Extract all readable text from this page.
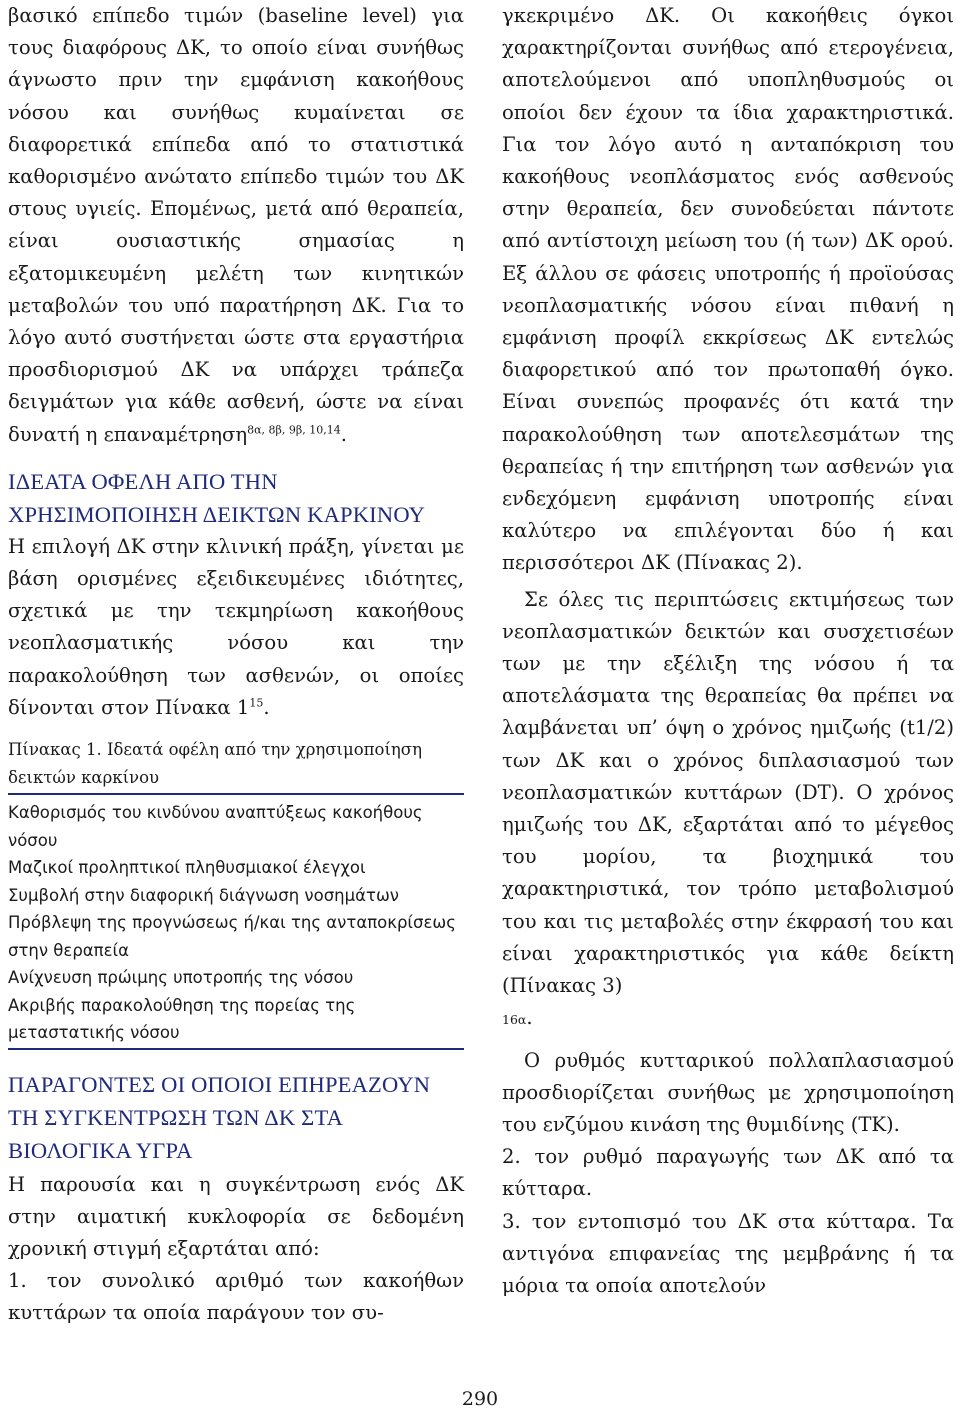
βασικό επίπεδο τιμών (baseline level) για τους διαφόρους ΔΚ, το οποίο είναι συνήθως άγνωστο πριν την εμφάνιση κακοήθους νόσου και συνήθως κυμαίνεται σε διαφορετικά επίπεδα από το στατιστικά καθορισμένο ανώτατο επίπεδο τιμών του ΔΚ στους υγιείς. Επομένως, μετά από θεραπεία, είναι ουσιαστικής σημασίας η εξατομικευμένη μελέτη των κινητικών μεταβολών του υπό παρατήρηση ΔΚ. Για το λόγο αυτό συστήνεται ώστε στα εργαστήρια προσδιορισμού ΔΚ να υπάρχει τράπεζα δειγμάτων για κάθε ασθενή, ώστε να είναι δυνατή η επαναμέτρηση$^{8\alpha, 8\beta, 9\beta, 10,14}$.

ΙΔΕΑΤΑ ΟΦΕΛΗ ΑΠΟ ΤΗΝ ΧΡΗΣΙΜΟΠΟΙΗΣΗ ΔΕΙΚΤΩΝ ΚΑΡΚΙΝΟΥ

Η επιλογή ΔΚ στην κλινική πράξη, γίνεται με βάση ορισμένες εξειδικευμένες ιδιότητες, σχετικά με την τεκμηρίωση κακοήθους νεοπλασματικής νόσου και την παρακολούθηση των ασθενών, οι οποίες δίνονται στον Πίνακα $1^{15}$.

Πίνακας 1. Ιδεατά οφέλη από την χρησιμοποίηση δεικτών καρκίνου

Καθορισμός του κινδύνου αναπτύξεως κακοήθους νόσου

Μαζικοί προληπτικοί πληθυσμιακοί έλεγχοι

Συμβολή στην διαφορική διάγνωση νοσημάτων

Πρόβλεψη της προγνώσεως ή/και της ανταποκρίσεως στην θεραπεία

Ανίχνευση πρώιμης υποτροπής της νόσου

Ακριβής παρακολούθηση της πορείας της μεταστατικής νόσου

ΠΑΡΑΓΟΝΤΕΣ ΟΙ ΟΠΟΙΟΙ ΕΠΗΡΕΑΖΟΥΝ ΤΗ ΣΥΓΚΕΝΤΡΩΣΗ ΤΩΝ ΔΚ ΣΤΑ ΒΙΟΛΟΓΙΚΑ ΥΓΡΑ

Η παρουσία και η συγκέντρωση ενός ΔΚ στην αιματική κυκλοφορία σε δεδομένη χρονική στιγμή εξαρτάται από:

1. τον συνολικό αριθμό των κακοήθων κυττάρων τα οποία παράγουν τον συ-

γκεκριμένο ΔΚ. Οι κακοήθεις όγκοι χαρακτηρίζονται συνήθως από ετερογένεια, αποτελούμενοι από υποπληθυσμούς οι οποίοι δεν έχουν τα ίδια χαρακτηριστικά. Για τον λόγο αυτό η ανταπόκριση του κακοήθους νεοπλάσματος ενός ασθενούς στην θεραπεία, δεν συνοδεύεται πάντοτε από αντίστοιχη μείωση του (ή των) ΔΚ ορού. Εξ άλλου σε φάσεις υποτροπής ή προϊούσας νεοπλασματικής νόσου είναι πιθανή η εμφάνιση προφίλ εκκρίσεως ΔΚ εντελώς διαφορετικού από τον πρωτοπαθή όγκο. Είναι συνεπώς προφανές ότι κατά την παρακολούθηση των αποτελεσμάτων της θεραπείας ή την επιτήρηση των ασθενών για ενδεχόμενη εμφάνιση υποτροπής είναι καλύτερο να επιλέγονται δύο ή και περισσότεροι ΔΚ (Πίνακας 2).

Σε όλες τις περιπτώσεις εκτιμήσεως των νεοπλασματικών δεικτών και συσχετισέων των με την εξέλιξη της νόσου ή τα αποτελάσματα της θεραπείας θα πρέπει να λαμβάνεται υπ’ όψη ο χρόνος ημιζωής (t1/2) των ΔΚ και ο χρόνος διπλασιασμού των νεοπλασματικών κυττάρων (DT). Ο χρόνος ημιζωής του ΔΚ, εξαρτάται από το μέγεθος του μορίου, τα βιοχημικά του χαρακτηριστικά, τον τρόπο μεταβολισμού του και τις μεταβολές στην έκφρασή του και είναι χαρακτηριστικός για κάθε δείκτη (Πίνακας 3)
16α.

Ο ρυθμός κυτταρικού πολλαπλασιασμού προσδιορίζεται συνήθως με χρησιμοποίηση του ενζύμου κινάση της θυμιδίνης (ΤΚ).

2. τον ρυθμό παραγωγής των ΔΚ από τα κύτταρα.

3. τον εντοπισμό του ΔΚ στα κύτταρα. Τα αντιγόνα επιφανείας της μεμβράνης ή τα μόρια τα οποία αποτελούν

290
